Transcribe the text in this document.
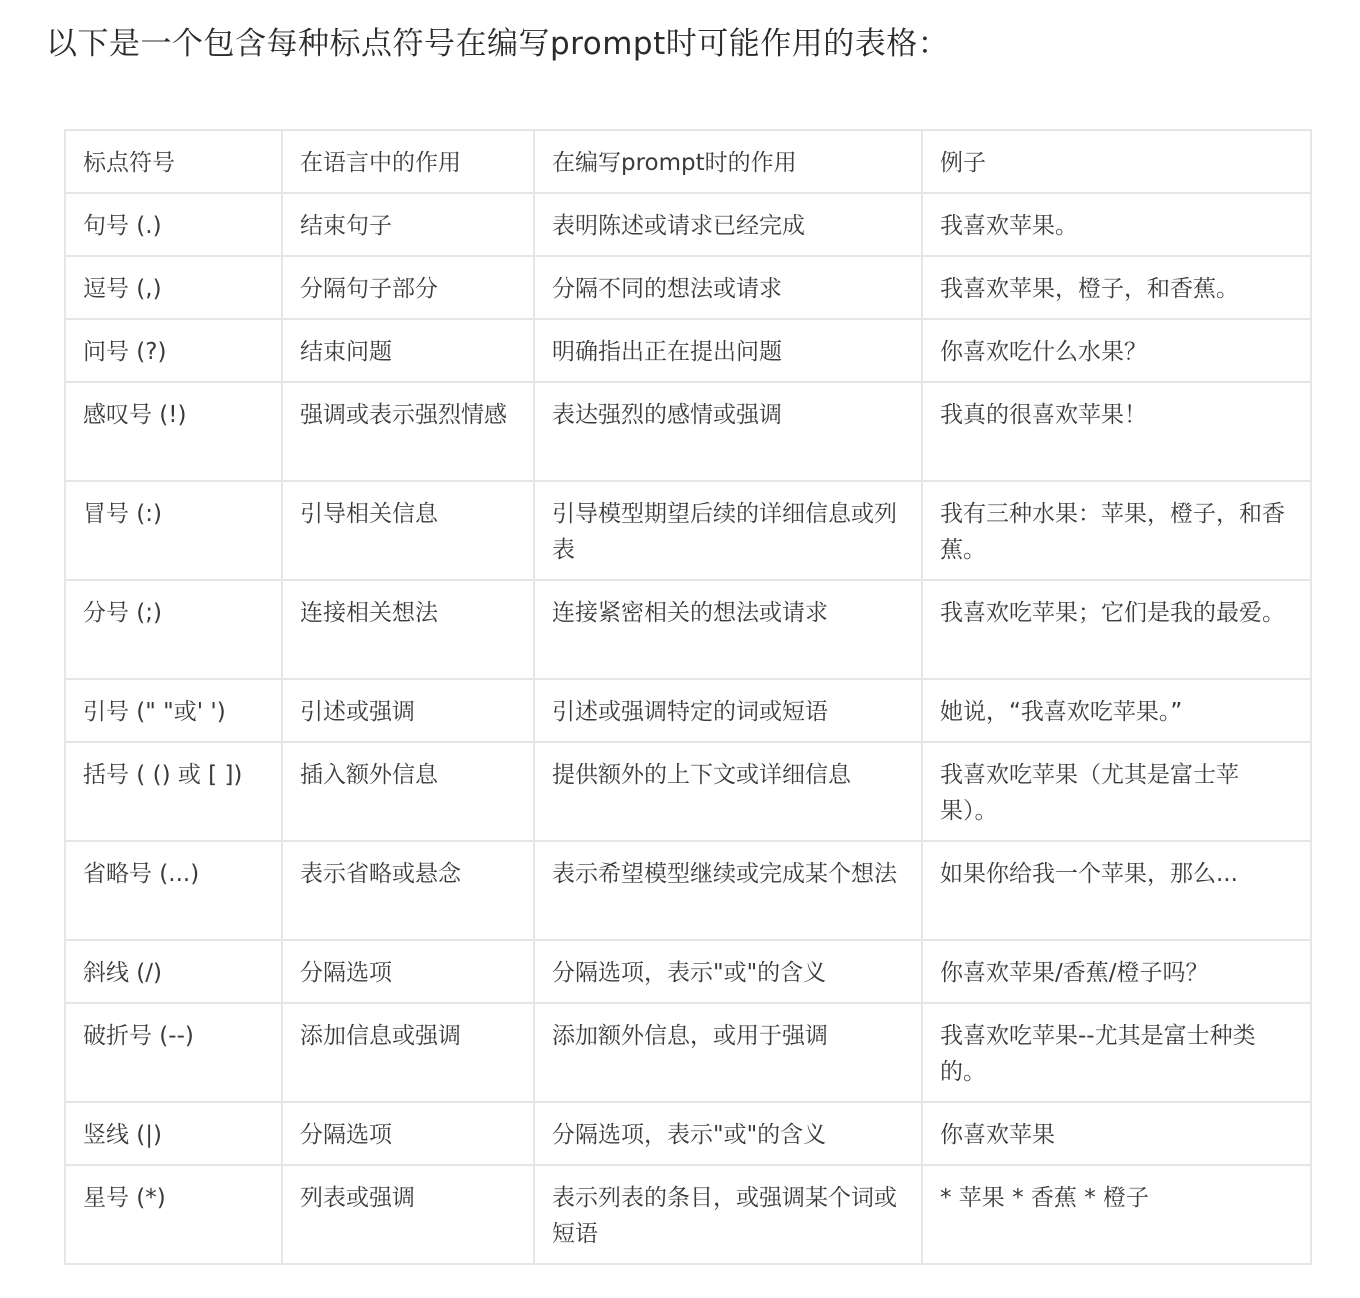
以下是一个包含每种标点符号在编写prompt时可能作用的表格：
标点符号	在语言中的作用	在编写prompt时的作用	例子
句号 (.)	结束句子	表明陈述或请求已经完成	我喜欢苹果。
逗号 (,)	分隔句子部分	分隔不同的想法或请求	我喜欢苹果，橙子，和香蕉。
问号 (?)	结束问题	明确指出正在提出问题	你喜欢吃什么水果？
感叹号 (!)	强调或表示强烈情感	表达强烈的感情或强调	我真的很喜欢苹果！
冒号 (:)	引导相关信息	引导模型期望后续的详细信息或列表	我有三种水果：苹果，橙子，和香蕉。
分号 (;)	连接相关想法	连接紧密相关的想法或请求	我喜欢吃苹果；它们是我的最爱。
引号 (" "或' ')	引述或强调	引述或强调特定的词或短语	她说，“我喜欢吃苹果。”
括号 ( () 或 [ ])	插入额外信息	提供额外的上下文或详细信息	我喜欢吃苹果（尤其是富士苹果）。
省略号 (...)	表示省略或悬念	表示希望模型继续或完成某个想法	如果你给我一个苹果，那么...
斜线 (/)	分隔选项	分隔选项，表示"或"的含义	你喜欢苹果/香蕉/橙子吗？
破折号 (--)	添加信息或强调	添加额外信息，或用于强调	我喜欢吃苹果--尤其是富士种类的。
竖线 (|)	分隔选项	分隔选项，表示"或"的含义	你喜欢苹果
星号 (*)	列表或强调	表示列表的条目，或强调某个词或短语	* 苹果 * 香蕉 * 橙子
